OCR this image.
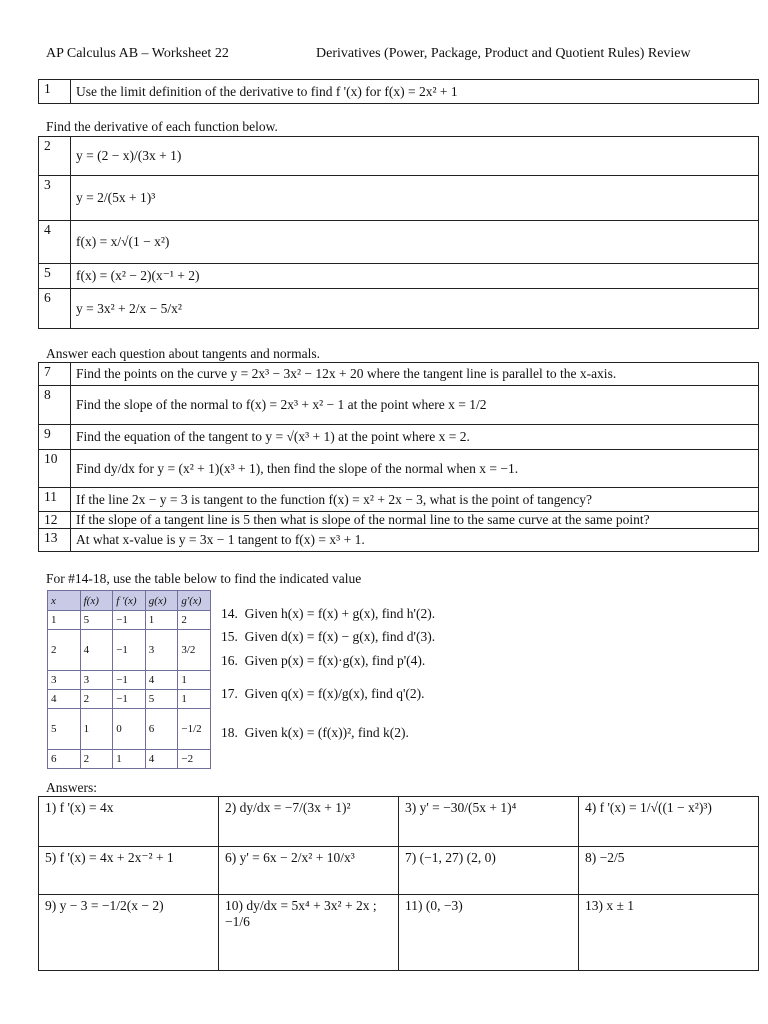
AP Calculus AB – Worksheet 22	Derivatives (Power, Package, Product and Quotient Rules) Review
1	Use the limit definition of the derivative to find f '(x) for f(x) = 2x² + 1
Find the derivative of each function below.
2	y = (2 − x)/(3x + 1)
3	y = 2/(5x + 1)³
4	f(x) = x/√(1 − x²)
5	f(x) = (x² − 2)(x⁻¹ + 2)
6	y = 3x² + 2/x − 5/x²
Answer each question about tangents and normals.
7	Find the points on the curve y = 2x³ − 3x² − 12x + 20 where the tangent line is parallel to the x-axis.
8	Find the slope of the normal to f(x) = 2x³ + x² − 1 at the point where x = 1/2
9	Find the equation of the tangent to y = √(x³ + 1) at the point where x = 2.
10	Find dy/dx for y = (x² + 1)(x³ + 1), then find the slope of the normal when x = −1.
11	If the line 2x − y = 3 is tangent to the function f(x) = x² + 2x − 3, what is the point of tangency?
12	If the slope of a tangent line is 5 then what is slope of the normal line to the same curve at the same point?
13	At what x-value is y = 3x − 1 tangent to f(x) = x³ + 1.
For #14-18, use the table below to find the indicated value
x	f(x)	f '(x)	g(x)	g'(x)
1	5	−1	1	2
2	4	−1	3	3/2
3	3	−1	4	1
4	2	−1	5	1
5	1	0	6	−1/2
6	2	1	4	−2
14. Given h(x) = f(x) + g(x), find h'(2).
15. Given d(x) = f(x) − g(x), find d'(3).
16. Given p(x) = f(x)·g(x), find p'(4).
17. Given q(x) = f(x)/g(x), find q'(2).
18. Given k(x) = (f(x))², find k(2).
Answers:
1) f '(x) = 4x	2) dy/dx = −7/(3x + 1)²	3) y' = −30/(5x + 1)⁴	4) f '(x) = 1/√((1 − x²)³)
5) f '(x) = 4x + 2x⁻² + 1	6) y' = 6x − 2/x² + 10/x³	7) (−1, 27) (2, 0)	8) −2/5
9) y − 3 = −1/2(x − 2)	10) dy/dx = 5x⁴ + 3x² + 2x ; −1/6	11) (0, −3)	13) x ± 1
